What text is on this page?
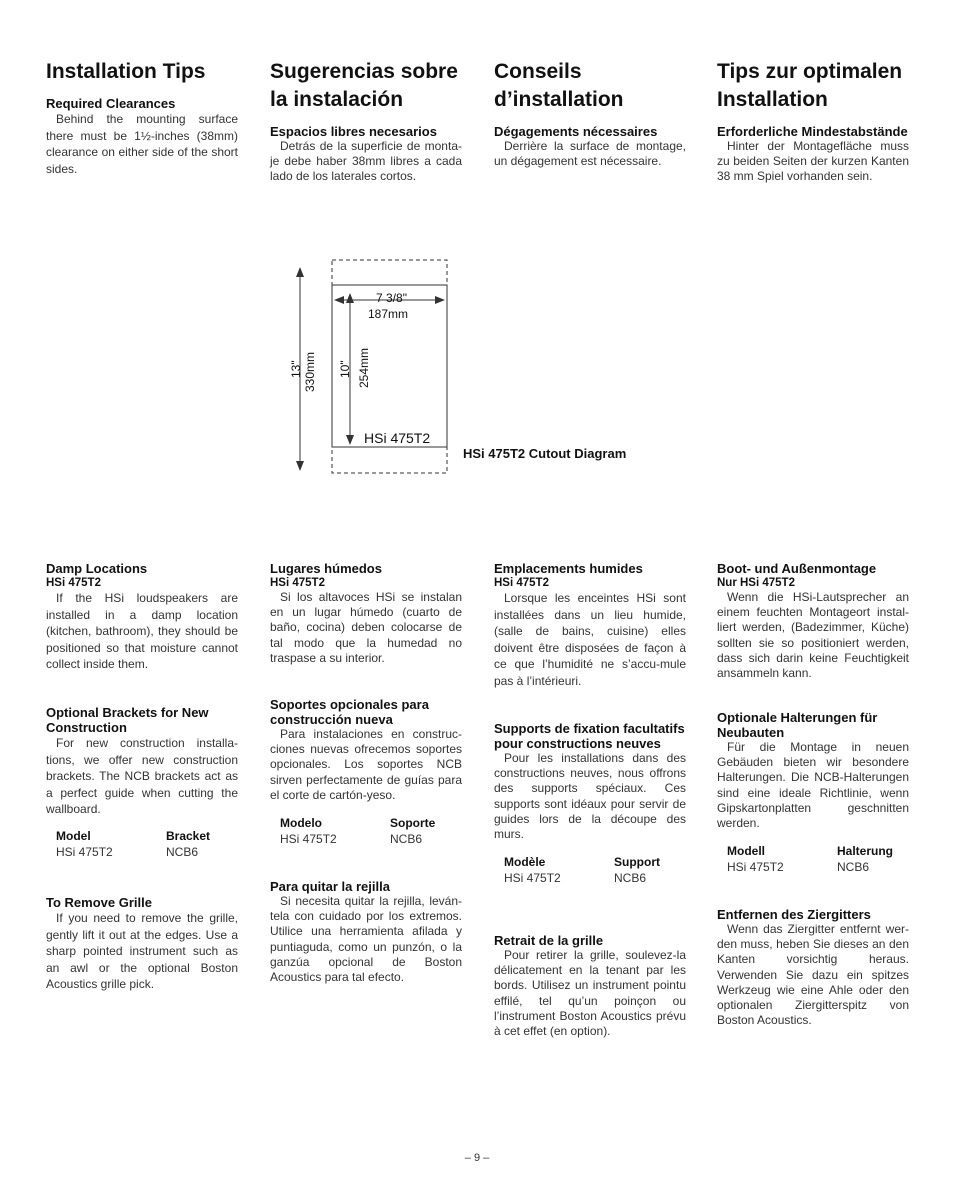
Installation Tips	Sugerencias sobre la instalación
Conseils d’installation
Tips zur optimalen Installation

Required Clearances

Behind the mounting surface there must be 1½-inches (38mm) clearance on either side of the short sides.

Espacios libres necesarios

Detrás de la superficie de monta-je debe haber 38mm libres a cada lado de los laterales cortos.

Dégagements nécessaires

Derrière la surface de montage, un dégagement est nécessaire.

Erforderliche Mindestabstände

Hinter der Montagefläche muss zu beiden Seiten der kurzen Kanten 38 mm Spiel vorhanden sein.

7 3/8"
187mm
13" 330mm 10" 254mm
HSi 475T2
HSi 475T2 Cutout Diagram

Damp Locations

HSi 475T2

If the HSi loudspeakers are installed in a damp location (kitchen, bathroom), they should be positioned so that moisture cannot collect inside them.

Lugares húmedos

HSi 475T2

Si los altavoces HSi se instalan en un lugar húmedo (cuarto de baño, cocina) deben colocarse de tal modo que la humedad no traspase a su interior.

Emplacements humides

HSi 475T2

Lorsque les enceintes HSi sont installées dans un lieu humide, (salle de bains, cuisine) elles doivent être disposées de façon à ce que l’humidité ne s’accu-mule pas à l’intérieuri.

Boot- und Außenmontage

Nur HSi 475T2

Wenn die HSi-Lautsprecher an einem feuchten Montageort instal-liert werden, (Badezimmer, Küche) sollten sie so positioniert werden, dass sich darin keine Feuchtigkeit ansammeln kann.

Optional Brackets for New Construction

For new construction installa-tions, we offer new construction brackets. The NCB brackets act as a perfect guide when cutting the wallboard.

Model	Bracket
HSi 475T2	NCB6

Soportes opcionales para construcción nueva

Para instalaciones en construc-ciones nuevas ofrecemos soportes opcionales. Los soportes NCB sirven perfectamente de guías para el corte de cartón-yeso.

Modelo	Soporte
HSi 475T2	NCB6

Supports de fixation facultatifs pour constructions neuves

Pour les installations dans des constructions neuves, nous offrons des supports spéciaux. Ces supports sont idéaux pour servir de guides lors de la découpe des murs.

Modèle	Support
HSi 475T2	NCB6

Optionale Halterungen für Neubauten

Für die Montage in neuen Gebäuden bieten wir besondere Halterungen. Die NCB-Halterungen sind eine ideale Richtlinie, wenn Gipskartonplatten geschnitten werden.

Modell	Halterung
HSi 475T2	NCB6

To Remove Grille

If you need to remove the grille, gently lift it out at the edges. Use a sharp pointed instrument such as an awl or the optional Boston Acoustics grille pick.

Para quitar la rejilla

Si necesita quitar la rejilla, leván-tela con cuidado por los extremos. Utilice una herramienta afilada y puntiaguda, como un punzón, o la ganzúa opcional de Boston Acoustics para tal efecto.

Retrait de la grille

Pour retirer la grille, soulevez-la délicatement en la tenant par les bords. Utilisez un instrument pointu effilé, tel qu’un poinçon ou l’instrument Boston Acoustics prévu à cet effet (en option).

Entfernen des Ziergitters

Wenn das Ziergitter entfernt wer-den muss, heben Sie dieses an den Kanten vorsichtig heraus. Verwenden Sie dazu ein spitzes Werkzeug wie eine Ahle oder den optionalen Ziergitterspitz von Boston Acoustics.

– 9 –
